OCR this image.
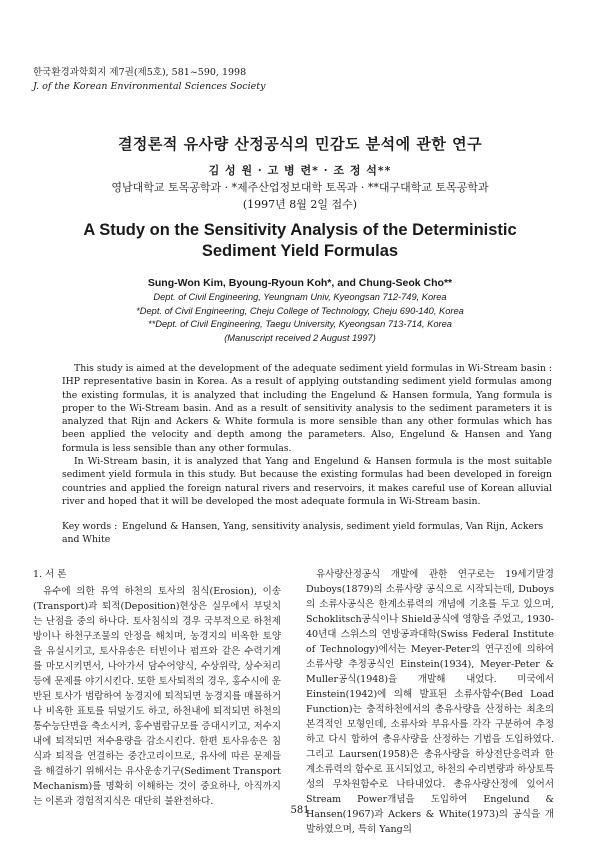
한국환경과학회지 제7권(제5호), 581~590, 1998
J. of the Korean Environmental Sciences Society
결정론적 유사량 산정공식의 민감도 분석에 관한 연구
김 성 원 · 고 병 련* · 조 정 석**
영남대학교 토목공학과 · *제주산업정보대학 토목과 · **대구대학교 토목공학과
(1997년 8월 2일 접수)
A Study on the Sensitivity Analysis of the Deterministic
Sediment Yield Formulas
Sung-Won Kim, Byoung-Ryoun Koh*, and Chung-Seok Cho**
Dept. of Civil Engineering, Yeungnam Univ, Kyeongsan 712-749, Korea
*Dept. of Civil Engineering, Cheju College of Technology, Cheju 690-140, Korea
**Dept. of Civil Engineering, Taegu University, Kyeongsan 713-714, Korea
(Manuscript received 2 August 1997)

This study is aimed at the development of the adequate sediment yield formulas in Wi-Stream basin : IHP representative basin in Korea. As a result of applying outstanding sediment yield formulas among the existing formulas, it is analyzed that including the Engelund & Hansen formula, Yang formula is proper to the Wi-Stream basin. And as a result of sensitivity analysis to the sediment parameters it is analyzed that Rijn and Ackers & White formula is more sensible than any other formulas which has been applied the velocity and depth among the parameters. Also, Engelund & Hansen and Yang formula is less sensible than any other formulas.

In Wi-Stream basin, it is analyzed that Yang and Engelund & Hansen formula is the most suitable sediment yield formula in this study. But because the existing formulas had been developed in foreign countries and applied the foreign natural rivers and reservoirs, it makes careful use of Korean alluvial river and hoped that it will be developed the most adequate formula in Wi-Stream basin.

Key words : Engelund & Hansen, Yang, sensitivity analysis, sediment yield formulas, Van Rijn, Ackers and White
1. 서 론

유수에 의한 유역 하천의 토사의 침식(Erosion), 이송(Transport)과 퇴적(Deposition)현상은 실무에서 부딪치는 난점을 중의 하나다. 토사침식의 경우 국부적으로 하천제방이나 하천구조물의 안정을 해치며, 농경지의 비옥한 토양을 유실시키고, 토사유송은 터빈이나 펌프와 같은 수력기계를 마모시키면서, 나아가서 담수어양식, 수상위락, 상수처리 등에 문제를 야기시킨다. 또한 토사퇴적의 경우, 홍수시에 운반된 토사가 범람하여 농경지에 퇴적되면 농경지를 매몰하거나 비옥한 표토를 뒤덮기도 하고, 하천내에 퇴적되면 하천의 통수능단면을 축소시켜, 홍수범람규모를 증대시키고, 저수지내에 퇴적되면 저수용량을 감소시킨다. 한편 토사유송은 침식과 퇴적을 연결하는 중간고리이므로, 유사에 따른 문제들을 해결하기 위해서는 유사운송기구(Sediment Transport Mechanism)를 명확히 이해하는 것이 중요하나, 아직까지는 이론과 경험적지식은 대단히 불완전하다.

유사량산정공식 개발에 관한 연구로는 19세기말경 Duboys(1879)의 소류사량 공식으로 시작되는데, Duboys의 소류사공식은 한계소류력의 개념에 기초를 두고 있으며, Schoklitsch공식이나 Shield공식에 영향을 주었고, 1930-40년대 스위스의 연방공과대학(Swiss Federal Institute of Technology)에서는 Meyer-Peter의 연구진에 의하여 소류사량 추정공식인 Einstein(1934), Meyer-Peter & Muller공식(1948)을 개발해 내었다. 미국에서 Einstein(1942)에 의해 발표된 소류사함수(Bed Load Function)는 충적하천에서의 총유사량을 산정하는 최초의 본격적인 모형인데, 소류사와 부유사를 각각 구분하여 추정하고 다시 합하여 총유사량을 산정하는 기법을 도입하였다. 그리고 Laursen(1958)은 총유사량을 하상전단응력과 한계소류력의 함수로 표시되었고, 하천의 수리변량과 하상토특성의 무차원함수로 나타내었다. 총유사량산정에 있어서 Stream Power개념을 도입하여 Engelund & Hansen(1967)과 Ackers & White(1973)의 공식을 개발하였으며, 특히 Yang의

581
